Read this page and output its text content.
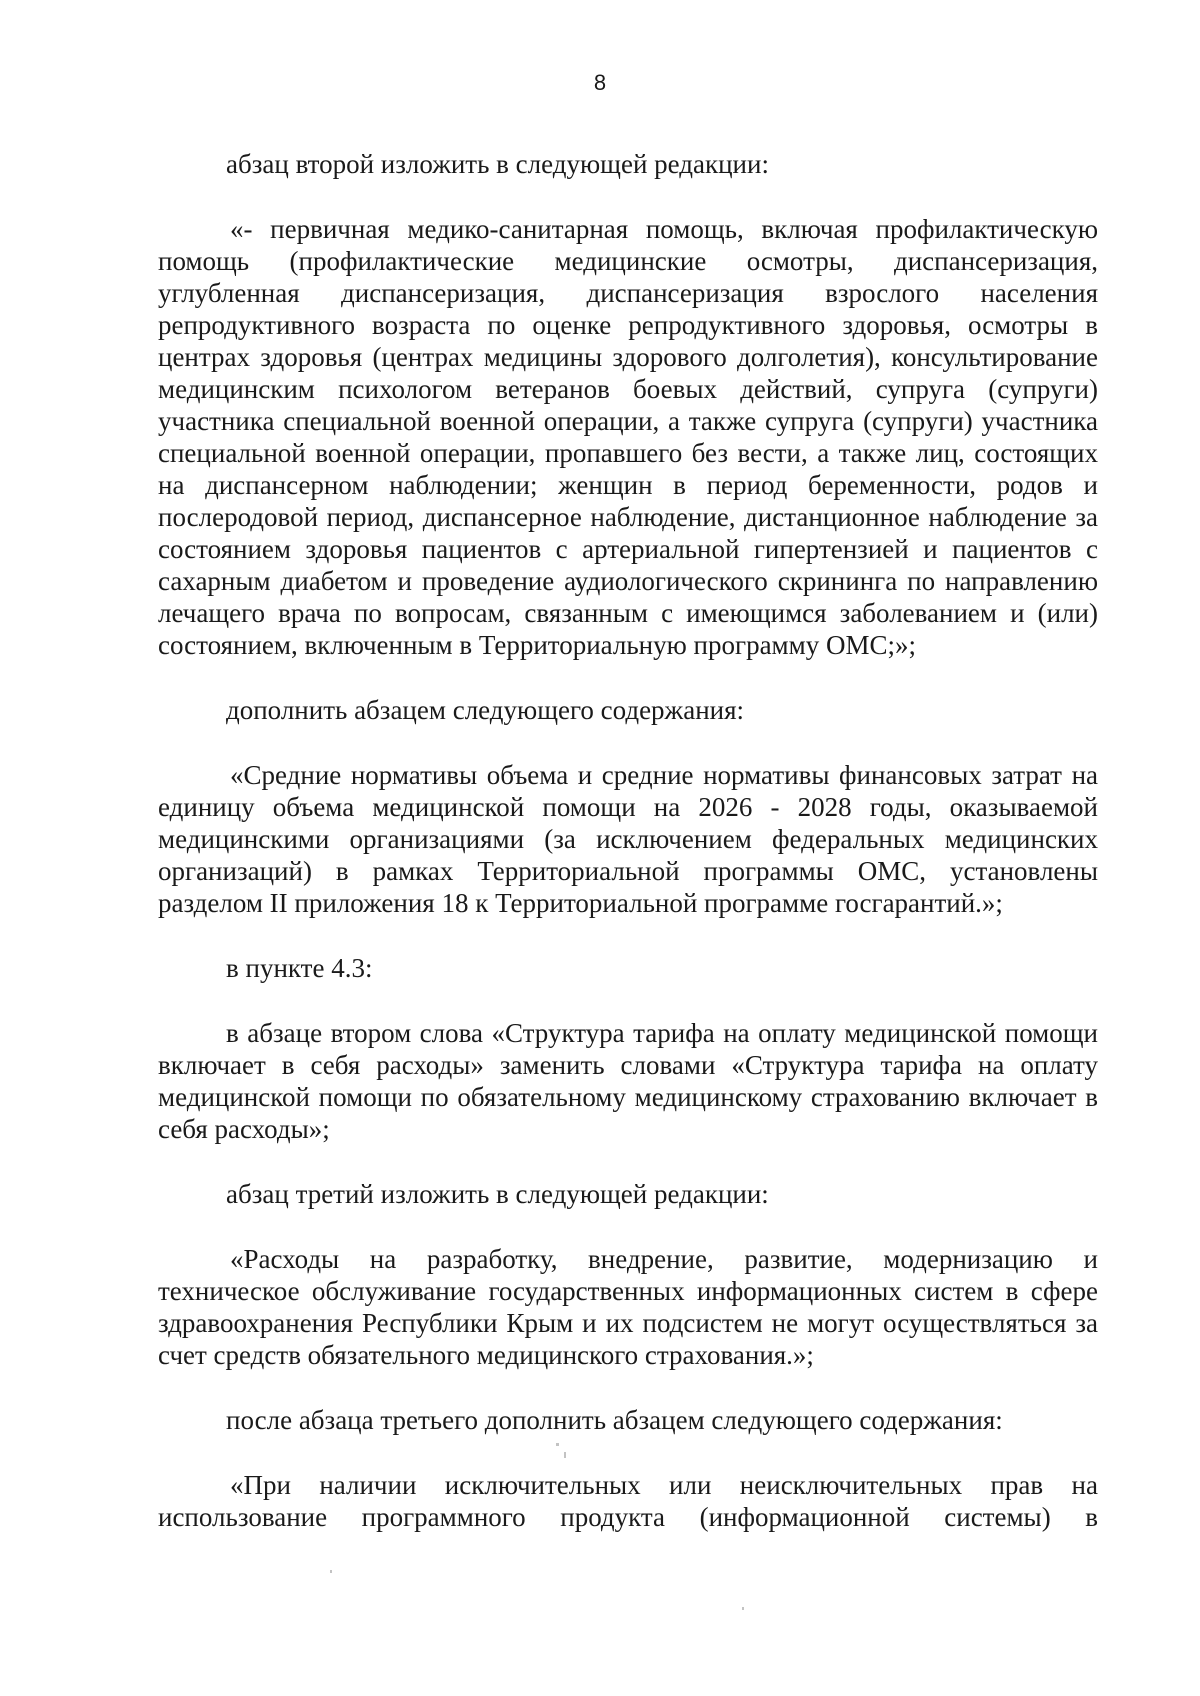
8

абзац второй изложить в следующей редакции:

«- первичная медико-санитарная помощь, включая профилактическую помощь (профилактические медицинские осмотры, диспансеризация, углубленная диспансеризация, диспансеризация взрослого населения репродуктивного возраста по оценке репродуктивного здоровья, осмотры в центрах здоровья (центрах медицины здорового долголетия), консультирование медицинским психологом ветеранов боевых действий, супруга (супруги) участника специальной военной операции, а также супруга (супруги) участника специальной военной операции, пропавшего без вести, а также лиц, состоящих на диспансерном наблюдении; женщин в период беременности, родов и послеродовой период, диспансерное наблюдение, дистанционное наблюдение за состоянием здоровья пациентов с артериальной гипертензией и пациентов с сахарным диабетом и проведение аудиологического скрининга по направлению лечащего врача по вопросам, связанным с имеющимся заболеванием и (или) состоянием, включенным в Территориальную программу ОМС;»;

дополнить абзацем следующего содержания:

«Средние нормативы объема и средние нормативы финансовых затрат на единицу объема медицинской помощи на 2026 - 2028 годы, оказываемой медицинскими организациями (за исключением федеральных медицинских организаций) в рамках Территориальной программы ОМС, установлены разделом II приложения 18 к Территориальной программе госгарантий.»;

в пункте 4.3:

в абзаце втором слова «Структура тарифа на оплату медицинской помощи включает в себя расходы» заменить словами «Структура тарифа на оплату медицинской помощи по обязательному медицинскому страхованию включает в себя расходы»;

абзац третий изложить в следующей редакции:

«Расходы на разработку, внедрение, развитие, модернизацию и техническое обслуживание государственных информационных систем в сфере здравоохранения Республики Крым и их подсистем не могут осуществляться за счет средств обязательного медицинского страхования.»;

после абзаца третьего дополнить абзацем следующего содержания:

«При наличии исключительных или неисключительных прав на использование программного продукта (информационной системы) в
